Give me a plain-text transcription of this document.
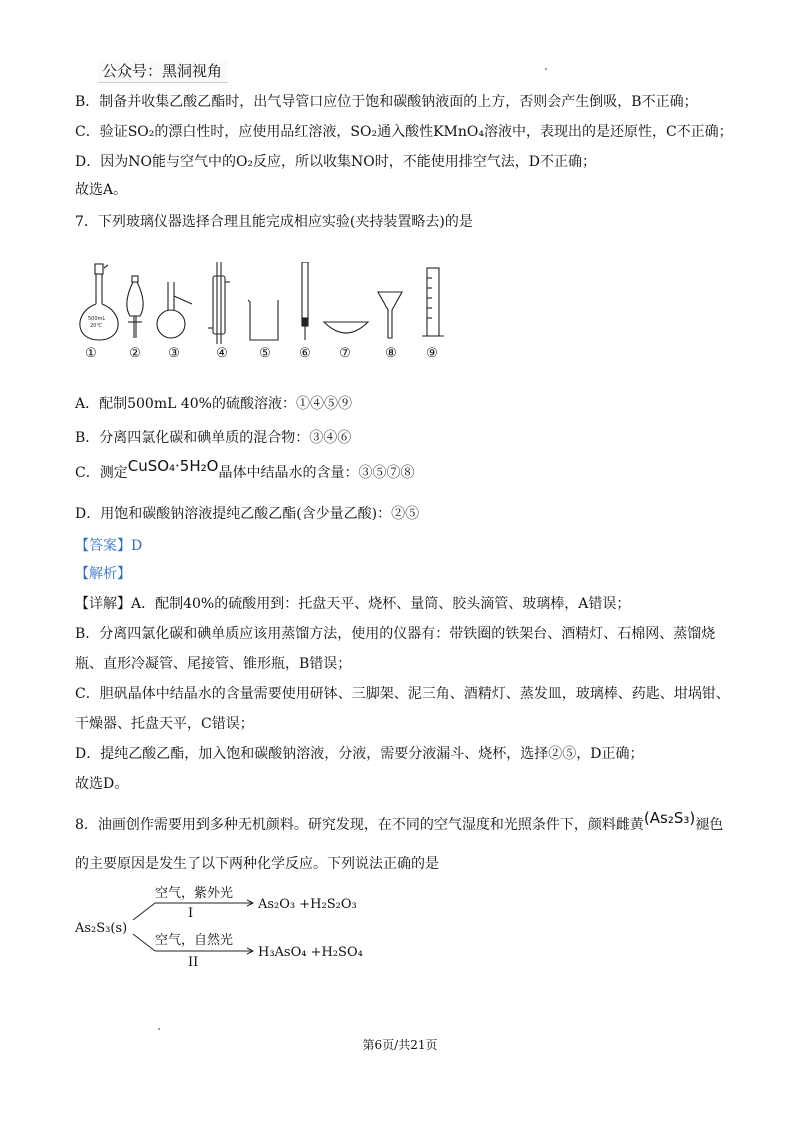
公众号：黑洞视角
B．制备并收集乙酸乙酯时，出气导管口应位于饱和碳酸钠液面的上方，否则会产生倒吸，B不正确；
C．验证SO₂的漂白性时，应使用品红溶液，SO₂通入酸性KMnO₄溶液中，表现出的是还原性，C不正确；
D．因为NO能与空气中的O₂反应，所以收集NO时，不能使用排空气法，D不正确；
故选A。
7．下列玻璃仪器选择合理且能完成相应实验(夹持装置略去)的是
500mL
20℃
① ② ③	④ ⑤ ⑥ ⑦	⑧ ⑨
A．配制500mL 40%的硫酸溶液：①④⑤⑨
B．分离四氯化碳和碘单质的混合物：③④⑥
C．测定CuSO₄·5H₂O晶体中结晶水的含量：③⑤⑦⑧
D．用饱和碳酸钠溶液提纯乙酸乙酯(含少量乙酸)：②⑤
【答案】D
【解析】
【详解】A．配制40%的硫酸用到：托盘天平、烧杯、量筒、胶头滴管、玻璃棒，A错误；
B．分离四氯化碳和碘单质应该用蒸馏方法，使用的仪器有：带铁圈的铁架台、酒精灯、石棉网、蒸馏烧
瓶、直形冷凝管、尾接管、锥形瓶，B错误；
C．胆矾晶体中结晶水的含量需要使用研钵、三脚架、泥三角、酒精灯、蒸发皿，玻璃棒、药匙、坩埚钳、
干燥器、托盘天平，C错误；
D．提纯乙酸乙酯，加入饱和碳酸钠溶液，分液，需要分液漏斗、烧杯，选择②⑤，D正确；
故选D。
8．油画创作需要用到多种无机颜料。研究发现，在不同的空气湿度和光照条件下，颜料雌黄(As₂S₃)褪色
的主要原因是发生了以下两种化学反应。下列说法正确的是
As₂S₃(s)
空气，紫外光
I
As₂O₃ +H₂S₂O₃
空气，自然光
II
H₃AsO₄ +H₂SO₄
第6页/共21页
